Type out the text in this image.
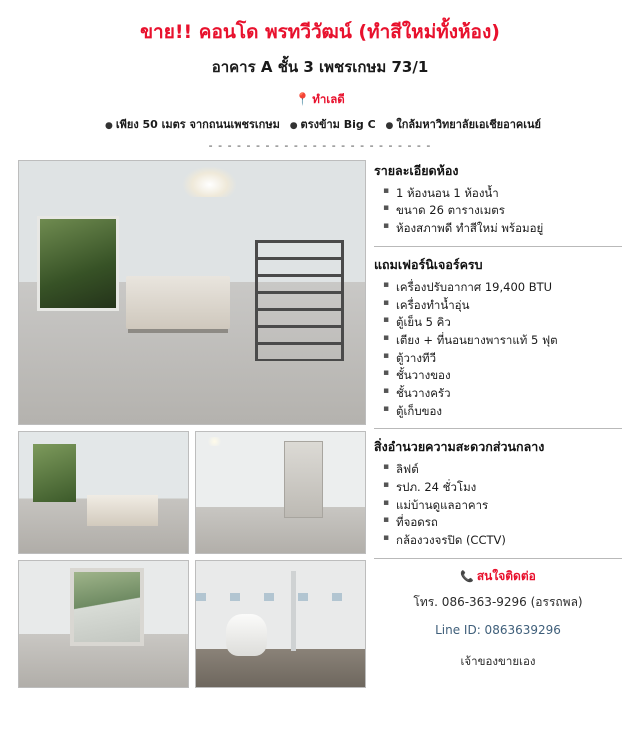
ขาย!! คอนโด พรทวีวัฒน์ (ทำสีใหม่ทั้งห้อง)
อาคาร A ชั้น 3 เพชรเกษม 73/1
📍 ทำเลดี
● เพียง 50 เมตร จากถนนเพชรเกษม ● ตรงข้าม Big C ● ใกล้มหาวิทยาลัยเอเชียอาคเนย์
- - - - - - - - - - - - - - - - - - - - - - - -
รายละเอียดห้อง
▪ 1 ห้องนอน 1 ห้องน้ำ
▪ ขนาด 26 ตารางเมตร
▪ ห้องสภาพดี ทำสีใหม่ พร้อมอยู่
แถมเฟอร์นิเจอร์ครบ
▪ เครื่องปรับอากาศ 19,400 BTU
▪ เครื่องทำน้ำอุ่น
▪ ตู้เย็น 5 คิว
▪ เตียง + ที่นอนยางพาราแท้ 5 ฟุต
▪ ตู้วางทีวี
▪ ชั้นวางของ
▪ ชั้นวางครัว
▪ ตู้เก็บของ
สิ่งอำนวยความสะดวกส่วนกลาง
▪ ลิฟต์
▪ รปภ. 24 ชั่วโมง
▪ แม่บ้านดูแลอาคาร
▪ ที่จอดรถ
▪ กล้องวงจรปิด (CCTV)
📞 สนใจติดต่อ
โทร. 086-363-9296 (อรรถพล)
Line ID: 0863639296
เจ้าของขายเอง
